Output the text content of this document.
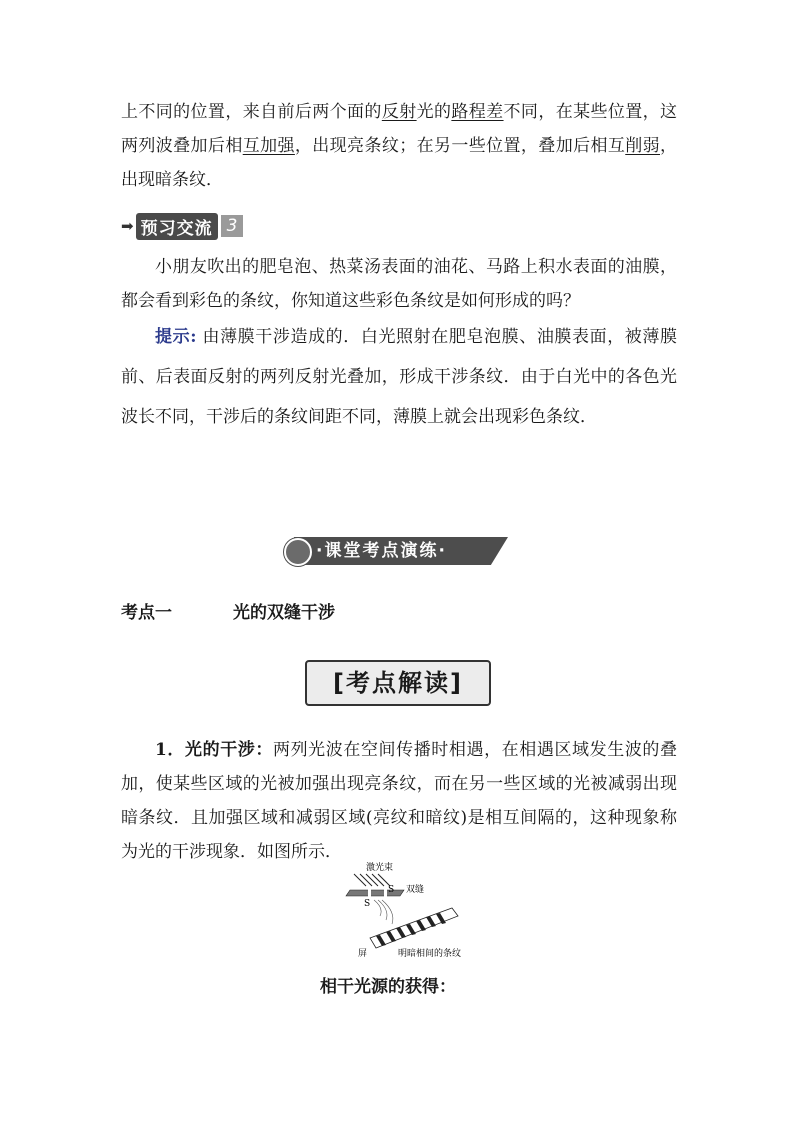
上不同的位置，来自前后两个面的反射光的路程差不同，在某些位置，这两列波叠加后相互加强，出现亮条纹；在另一些位置，叠加后相互削弱，出现暗条纹．
➡ 预习交流 3
小朋友吹出的肥皂泡、热菜汤表面的油花、马路上积水表面的油膜，都会看到彩色的条纹，你知道这些彩色条纹是如何形成的吗？
提示: 由薄膜干涉造成的．白光照射在肥皂泡膜、油膜表面，被薄膜前、后表面反射的两列反射光叠加，形成干涉条纹．由于白光中的各色光波长不同，干涉后的条纹间距不同，薄膜上就会出现彩色条纹．
·课堂考点演练·
考点一	光的双缝干涉
[考点解读]
1．光的干涉：两列光波在空间传播时相遇，在相遇区域发生波的叠加，使某些区域的光被加强出现亮条纹，而在另一些区域的光被减弱出现暗条纹．且加强区域和减弱区域(亮纹和暗纹)是相互间隔的，这种现象称为光的干涉现象．如图所示．
激光束
双缝
S
S
屏	明暗相间的条纹
相干光源的获得：
